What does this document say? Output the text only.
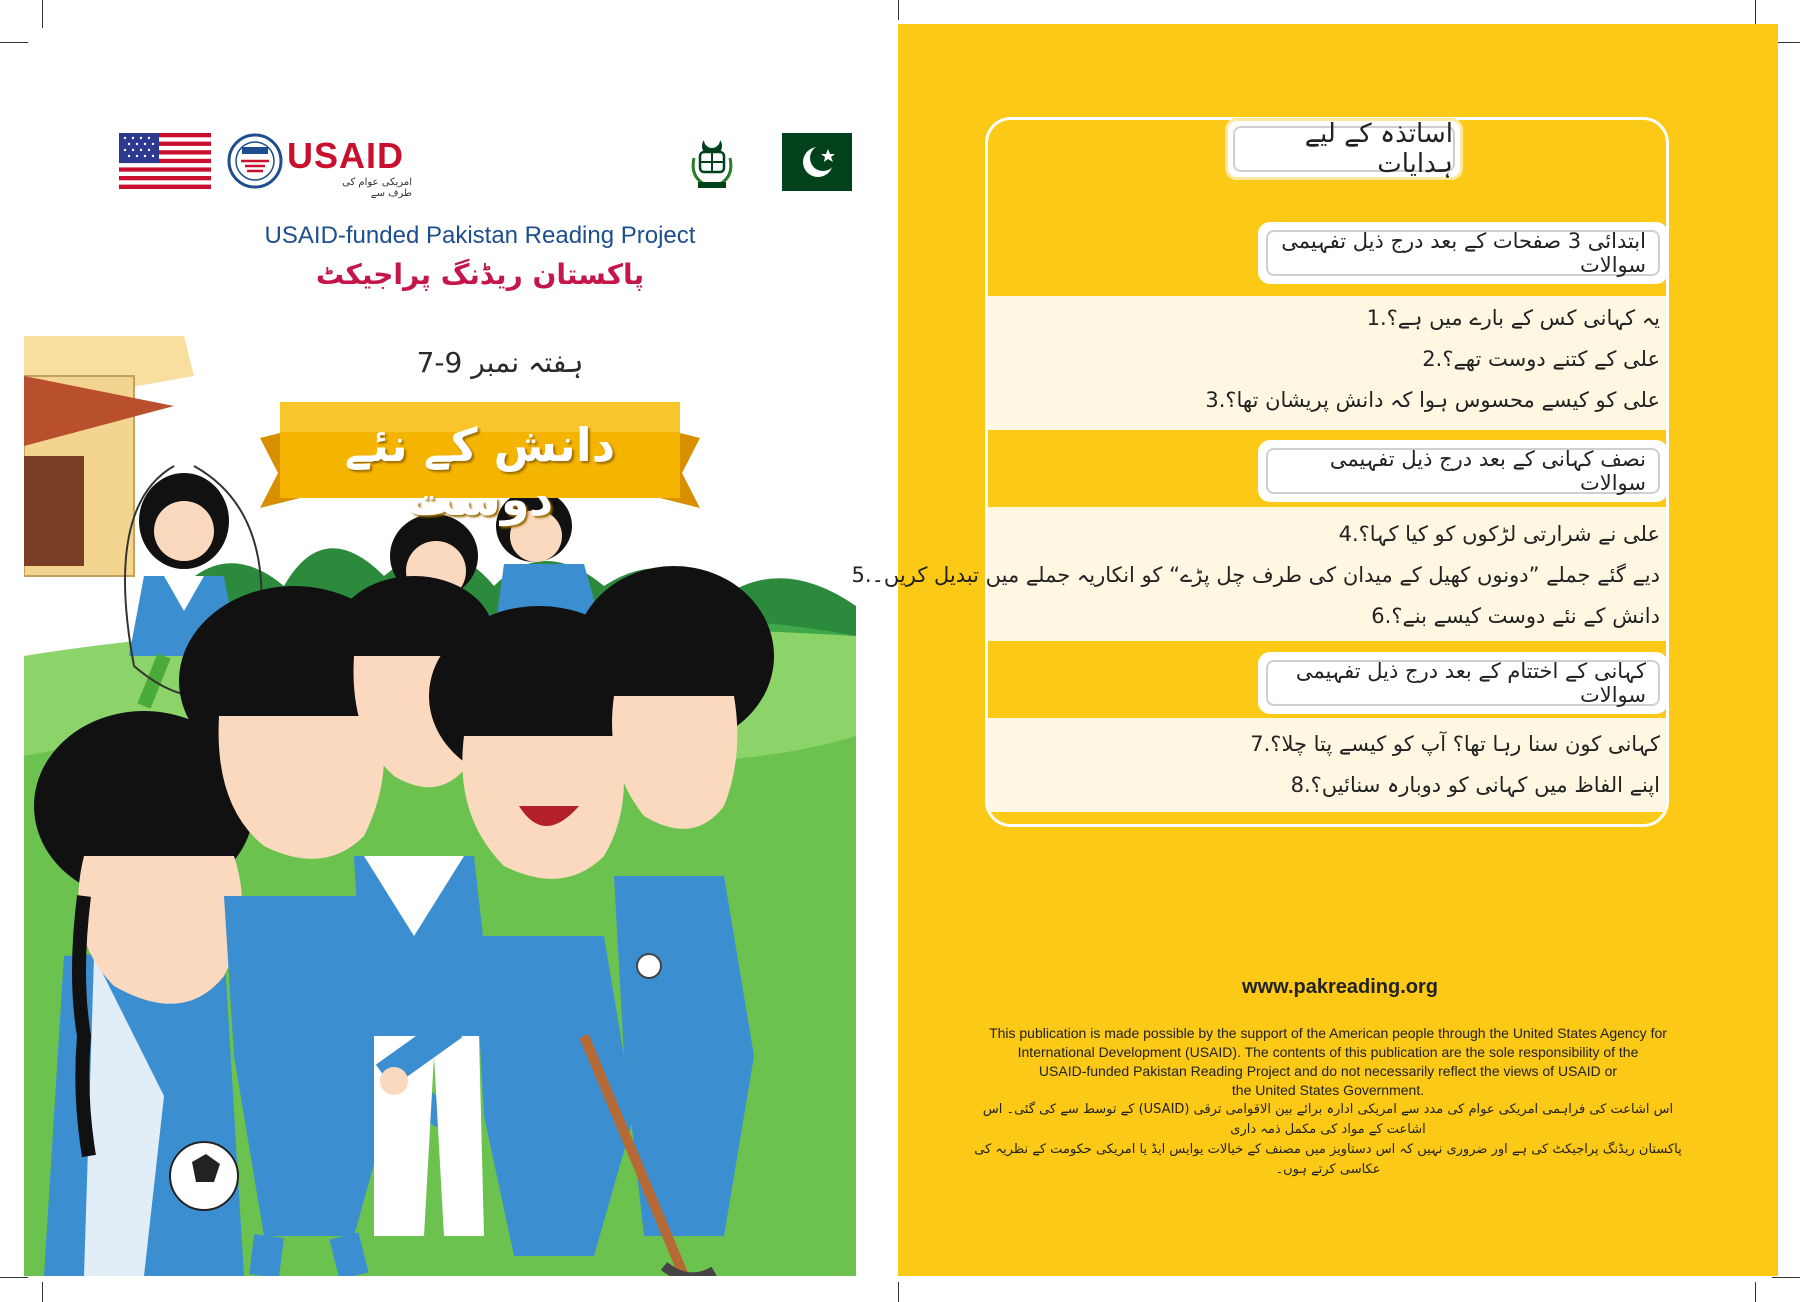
USAID
امریکی عوام کی طرف سے
USAID-funded Pakistan Reading Project
پاکستان ریڈنگ پراجیکٹ
ہفتہ نمبر 9-7
دانش کے نئے دوست
اساتذہ کے لیے ہدایات
ابتدائی 3 صفحات کے بعد درج ذیل تفہیمی سوالات
یہ کہانی کس کے بارے میں ہے؟1.
علی کے کتنے دوست تھے؟2.
علی کو کیسے محسوس ہوا کہ دانش پریشان تھا؟3.
نصف کہانی کے بعد درج ذیل تفہیمی سوالات
علی نے شرارتی لڑکوں کو کیا کہا؟4.
دیے گئے جملے ”دونوں کھیل کے میدان کی طرف چل پڑے“ کو انکاریہ جملے میں تبدیل کریں۔5.
دانش کے نئے دوست کیسے بنے؟6.
کہانی کے اختتام کے بعد درج ذیل تفہیمی سوالات
کہانی کون سنا رہا تھا؟ آپ کو کیسے پتا چلا؟7.
اپنے الفاظ میں کہانی کو دوبارہ سنائیں؟8.
www.pakreading.org
This publication is made possible by the support of the American people through the United States Agency for
International Development (USAID). The contents of this publication are the sole responsibility of the
USAID-funded Pakistan Reading Project and do not necessarily reflect the views of USAID or
the United States Government.
اس اشاعت کی فراہمی امریکی عوام کی مدد سے امریکی ادارہ برائے بین الاقوامی ترقی (USAID) کے توسط سے کی گئی۔ اس اشاعت کے مواد کی مکمل ذمہ داری
پاکستان ریڈنگ پراجیکٹ کی ہے اور ضروری نہیں کہ اس دستاویز میں مصنف کے خیالات یوایس ایڈ یا امریکی حکومت کے نظریہ کی عکاسی کرتے ہوں۔
